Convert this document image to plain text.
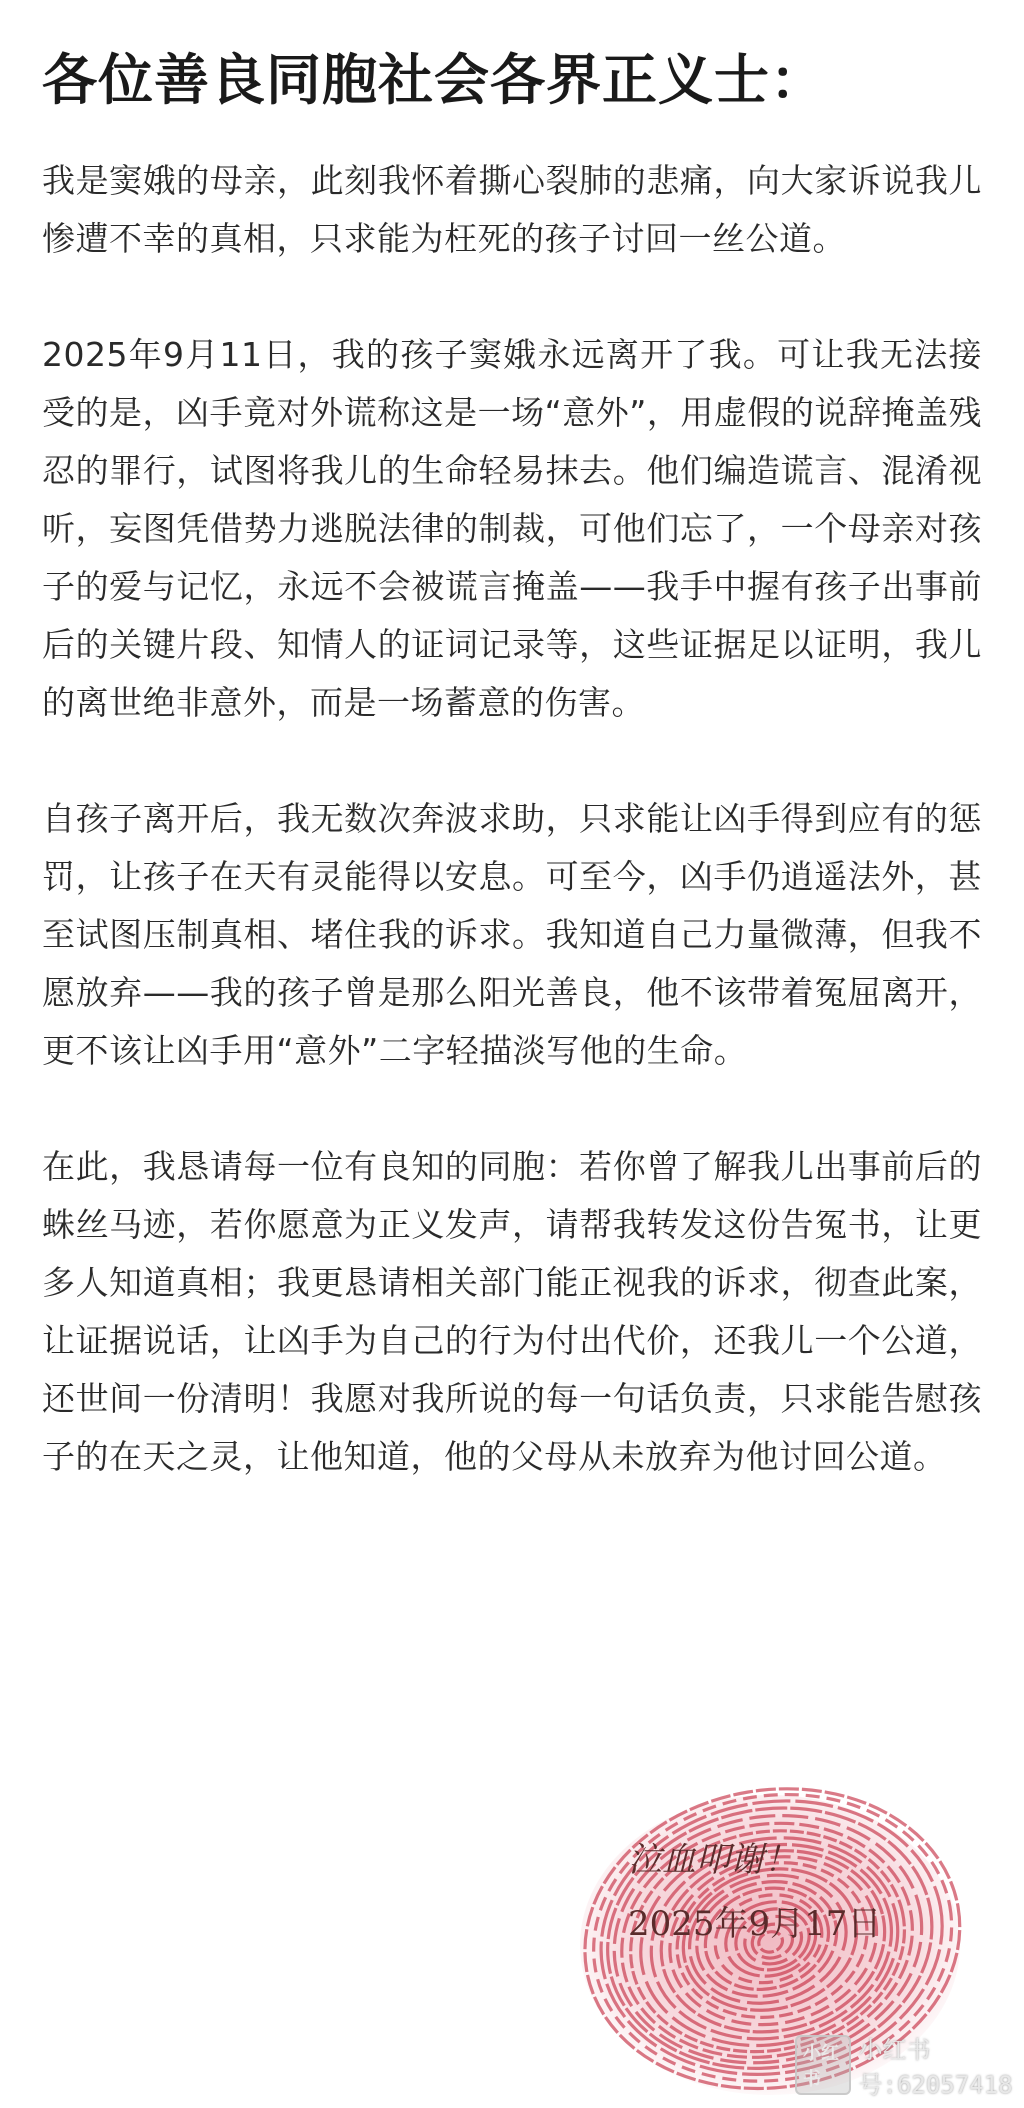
各位善良同胞社会各界正义士：

我是窦娥的母亲，此刻我怀着撕心裂肺的悲痛，向大家诉说我儿惨遭不幸的真相，只求能为枉死的孩子讨回一丝公道。

2025年9月11日，我的孩子窦娥永远离开了我。可让我无法接受的是，凶手竟对外谎称这是一场“意外”，用虚假的说辞掩盖残忍的罪行，试图将我儿的生命轻易抹去。他们编造谎言、混淆视听，妄图凭借势力逃脱法律的制裁，可他们忘了，一个母亲对孩子的爱与记忆，永远不会被谎言掩盖——我手中握有孩子出事前后的关键片段、知情人的证词记录等，这些证据足以证明，我儿的离世绝非意外，而是一场蓄意的伤害。

自孩子离开后，我无数次奔波求助，只求能让凶手得到应有的惩罚，让孩子在天有灵能得以安息。可至今，凶手仍逍遥法外，甚至试图压制真相、堵住我的诉求。我知道自己力量微薄，但我不愿放弃——我的孩子曾是那么阳光善良，他不该带着冤屈离开，更不该让凶手用“意外”二字轻描淡写他的生命。

在此，我恳请每一位有良知的同胞：若你曾了解我儿出事前后的蛛丝马迹，若你愿意为正义发声，请帮我转发这份告冤书，让更多人知道真相；我更恳请相关部门能正视我的诉求，彻查此案，让证据说话，让凶手为自己的行为付出代价，还我儿一个公道，还世间一份清明！我愿对我所说的每一句话负责，只求能告慰孩子的在天之灵，让他知道，他的父母从未放弃为他讨回公道。

泣血叩谢！
2025年9月17日
小红书
小红书号:62057418
